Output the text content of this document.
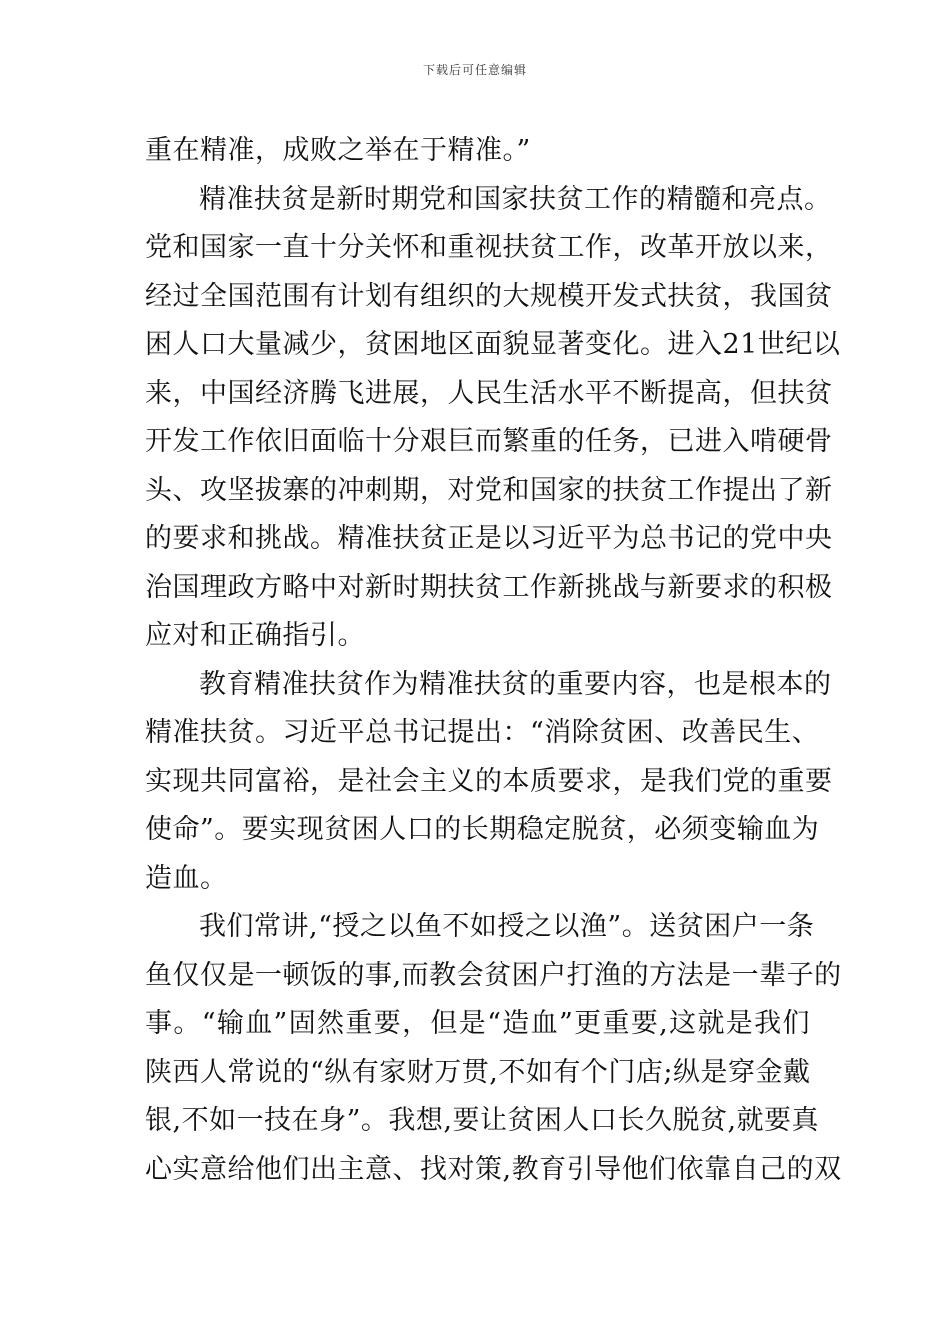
下载后可任意编辑
重在精准，成败之举在于精准。”
精准扶贫是新时期党和国家扶贫工作的精髓和亮点。
党和国家一直十分关怀和重视扶贫工作，改革开放以来，
经过全国范围有计划有组织的大规模开发式扶贫，我国贫
困人口大量减少，贫困地区面貌显著变化。进入21世纪以
来，中国经济腾飞进展，人民生活水平不断提高，但扶贫
开发工作依旧面临十分艰巨而繁重的任务，已进入啃硬骨
头、攻坚拔寨的冲刺期，对党和国家的扶贫工作提出了新
的要求和挑战。精准扶贫正是以习近平为总书记的党中央
治国理政方略中对新时期扶贫工作新挑战与新要求的积极
应对和正确指引。
教育精准扶贫作为精准扶贫的重要内容，也是根本的
精准扶贫。习近平总书记提出：“消除贫困、改善民生、
实现共同富裕，是社会主义的本质要求，是我们党的重要
使命”。要实现贫困人口的长期稳定脱贫，必须变输血为
造血。
我们常讲,“授之以鱼不如授之以渔”。送贫困户一条
鱼仅仅是一顿饭的事,而教会贫困户打渔的方法是一辈子的
事。“输血”固然重要，但是“造血”更重要,这就是我们
陕西人常说的“纵有家财万贯,不如有个门店;纵是穿金戴
银,不如一技在身”。我想,要让贫困人口长久脱贫,就要真
心实意给他们出主意、找对策,教育引导他们依靠自己的双
